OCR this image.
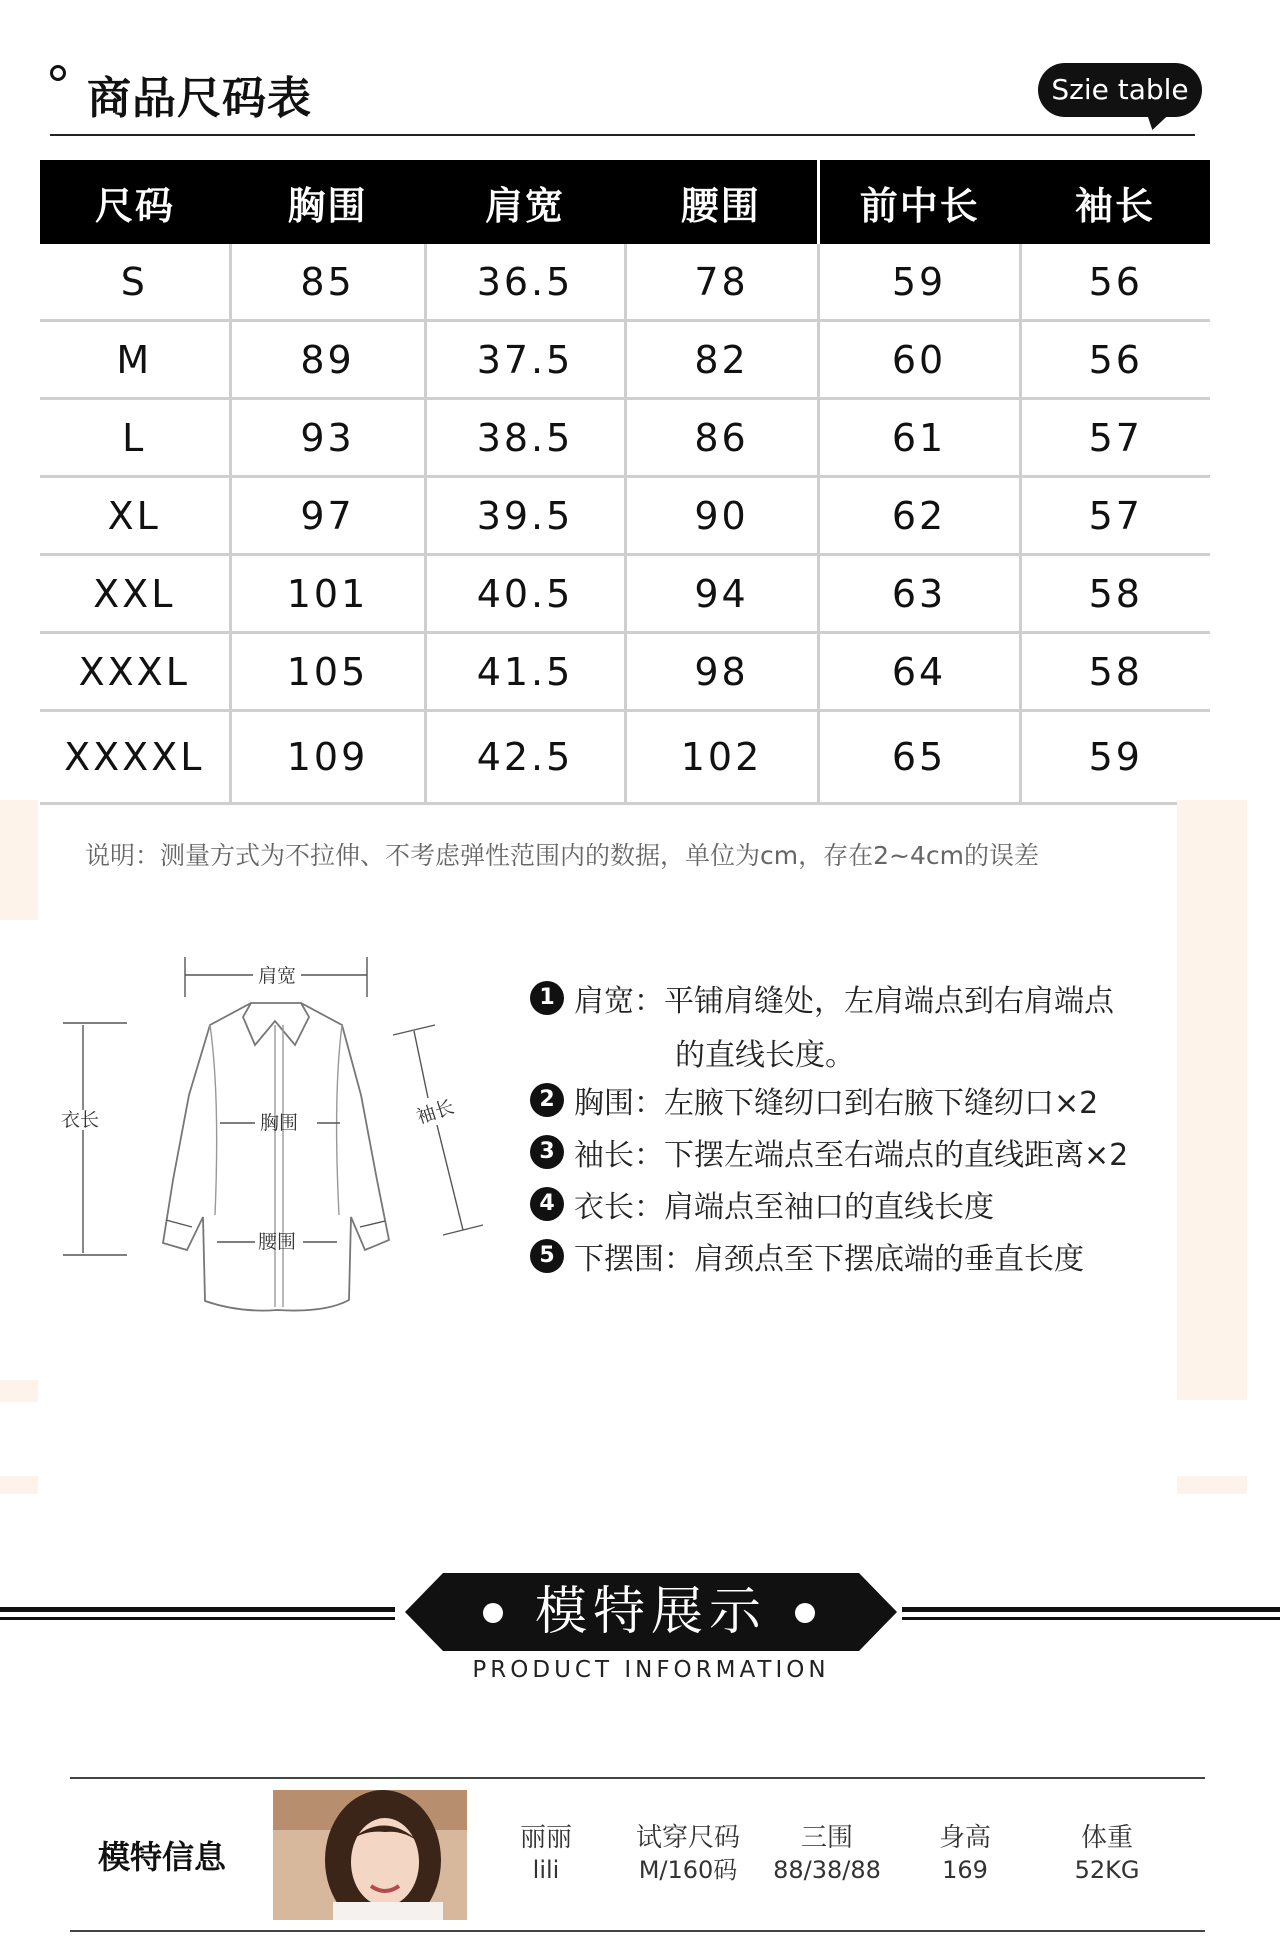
商品尺码表	Szie table
尺码	胸围	肩宽	腰围	前中长	袖长
S	85	36.5	78	59	56
M	89	37.5	82	60	56
L	93	38.5	86	61	57
XL	97	39.5	90	62	57
XXL	101	40.5	94	63	58
XXXL	105	41.5	98	64	58
XXXXL	109	42.5	102	65	59
说明：测量方式为不拉伸、不考虑弹性范围内的数据，单位为cm，存在2~4cm的误差
肩宽
胸围
腰围
衣长	袖长
1 肩宽：平铺肩缝处，左肩端点到右肩端点
的直线长度。
2 胸围：左腋下缝纫口到右腋下缝纫口×2
3 袖长：下摆左端点至右端点的直线距离×2
4 衣长：肩端点至袖口的直线长度
5 下摆围：肩颈点至下摆底端的垂直长度
模特展示
PRODUCT INFORMATION
模特信息	丽丽
lili
试穿尺码
M/160码
三围
88/38/88
身高
169
体重
52KG
